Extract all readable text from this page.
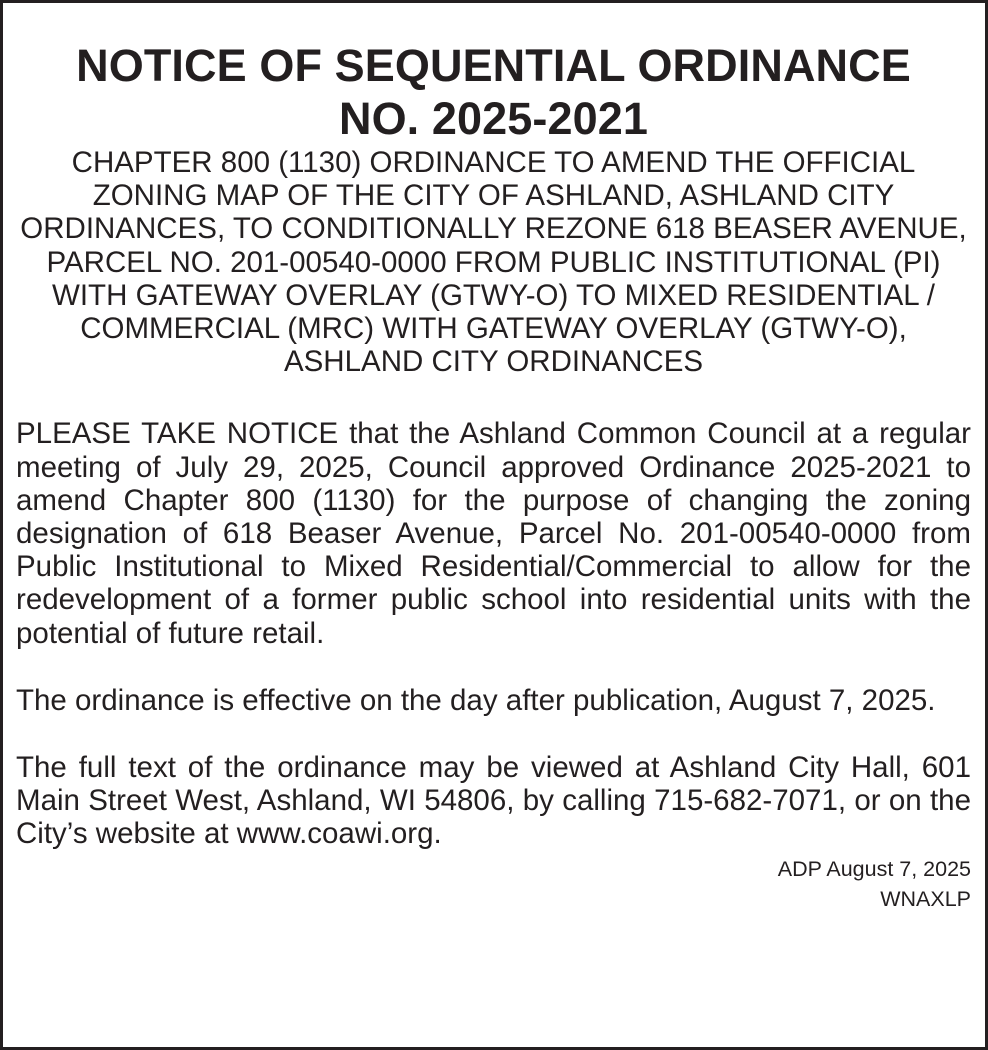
NOTICE OF SEQUENTIAL ORDINANCE
NO. 2025-2021
CHAPTER 800 (1130) ORDINANCE TO AMEND THE OFFICIAL ZONING MAP OF THE CITY OF ASHLAND, ASHLAND CITY ORDINANCES, TO CONDITIONALLY REZONE 618 BEASER AVENUE, PARCEL NO. 201-00540-0000 FROM PUBLIC INSTITUTIONAL (PI) WITH GATEWAY OVERLAY (GTWY-O) TO MIXED RESIDENTIAL / COMMERCIAL (MRC) WITH GATEWAY OVERLAY (GTWY-O),
ASHLAND CITY ORDINANCES

PLEASE TAKE NOTICE that the Ashland Common Council at a regular meeting of July 29, 2025, Council approved Ordinance 2025-2021 to amend Chapter 800 (1130) for the purpose of changing the zoning designation of 618 Beaser Avenue, Parcel No. 201-00540-0000 from Public Institutional to Mixed Residential/Commercial to allow for the redevelopment of a former public school into residential units with the potential of future retail.

The ordinance is effective on the day after publication, August 7, 2025.

The full text of the ordinance may be viewed at Ashland City Hall, 601 Main Street West, Ashland, WI 54806, by calling 715-682-7071, or on the City’s website at www.coawi.org.

ADP August 7, 2025
WNAXLP
